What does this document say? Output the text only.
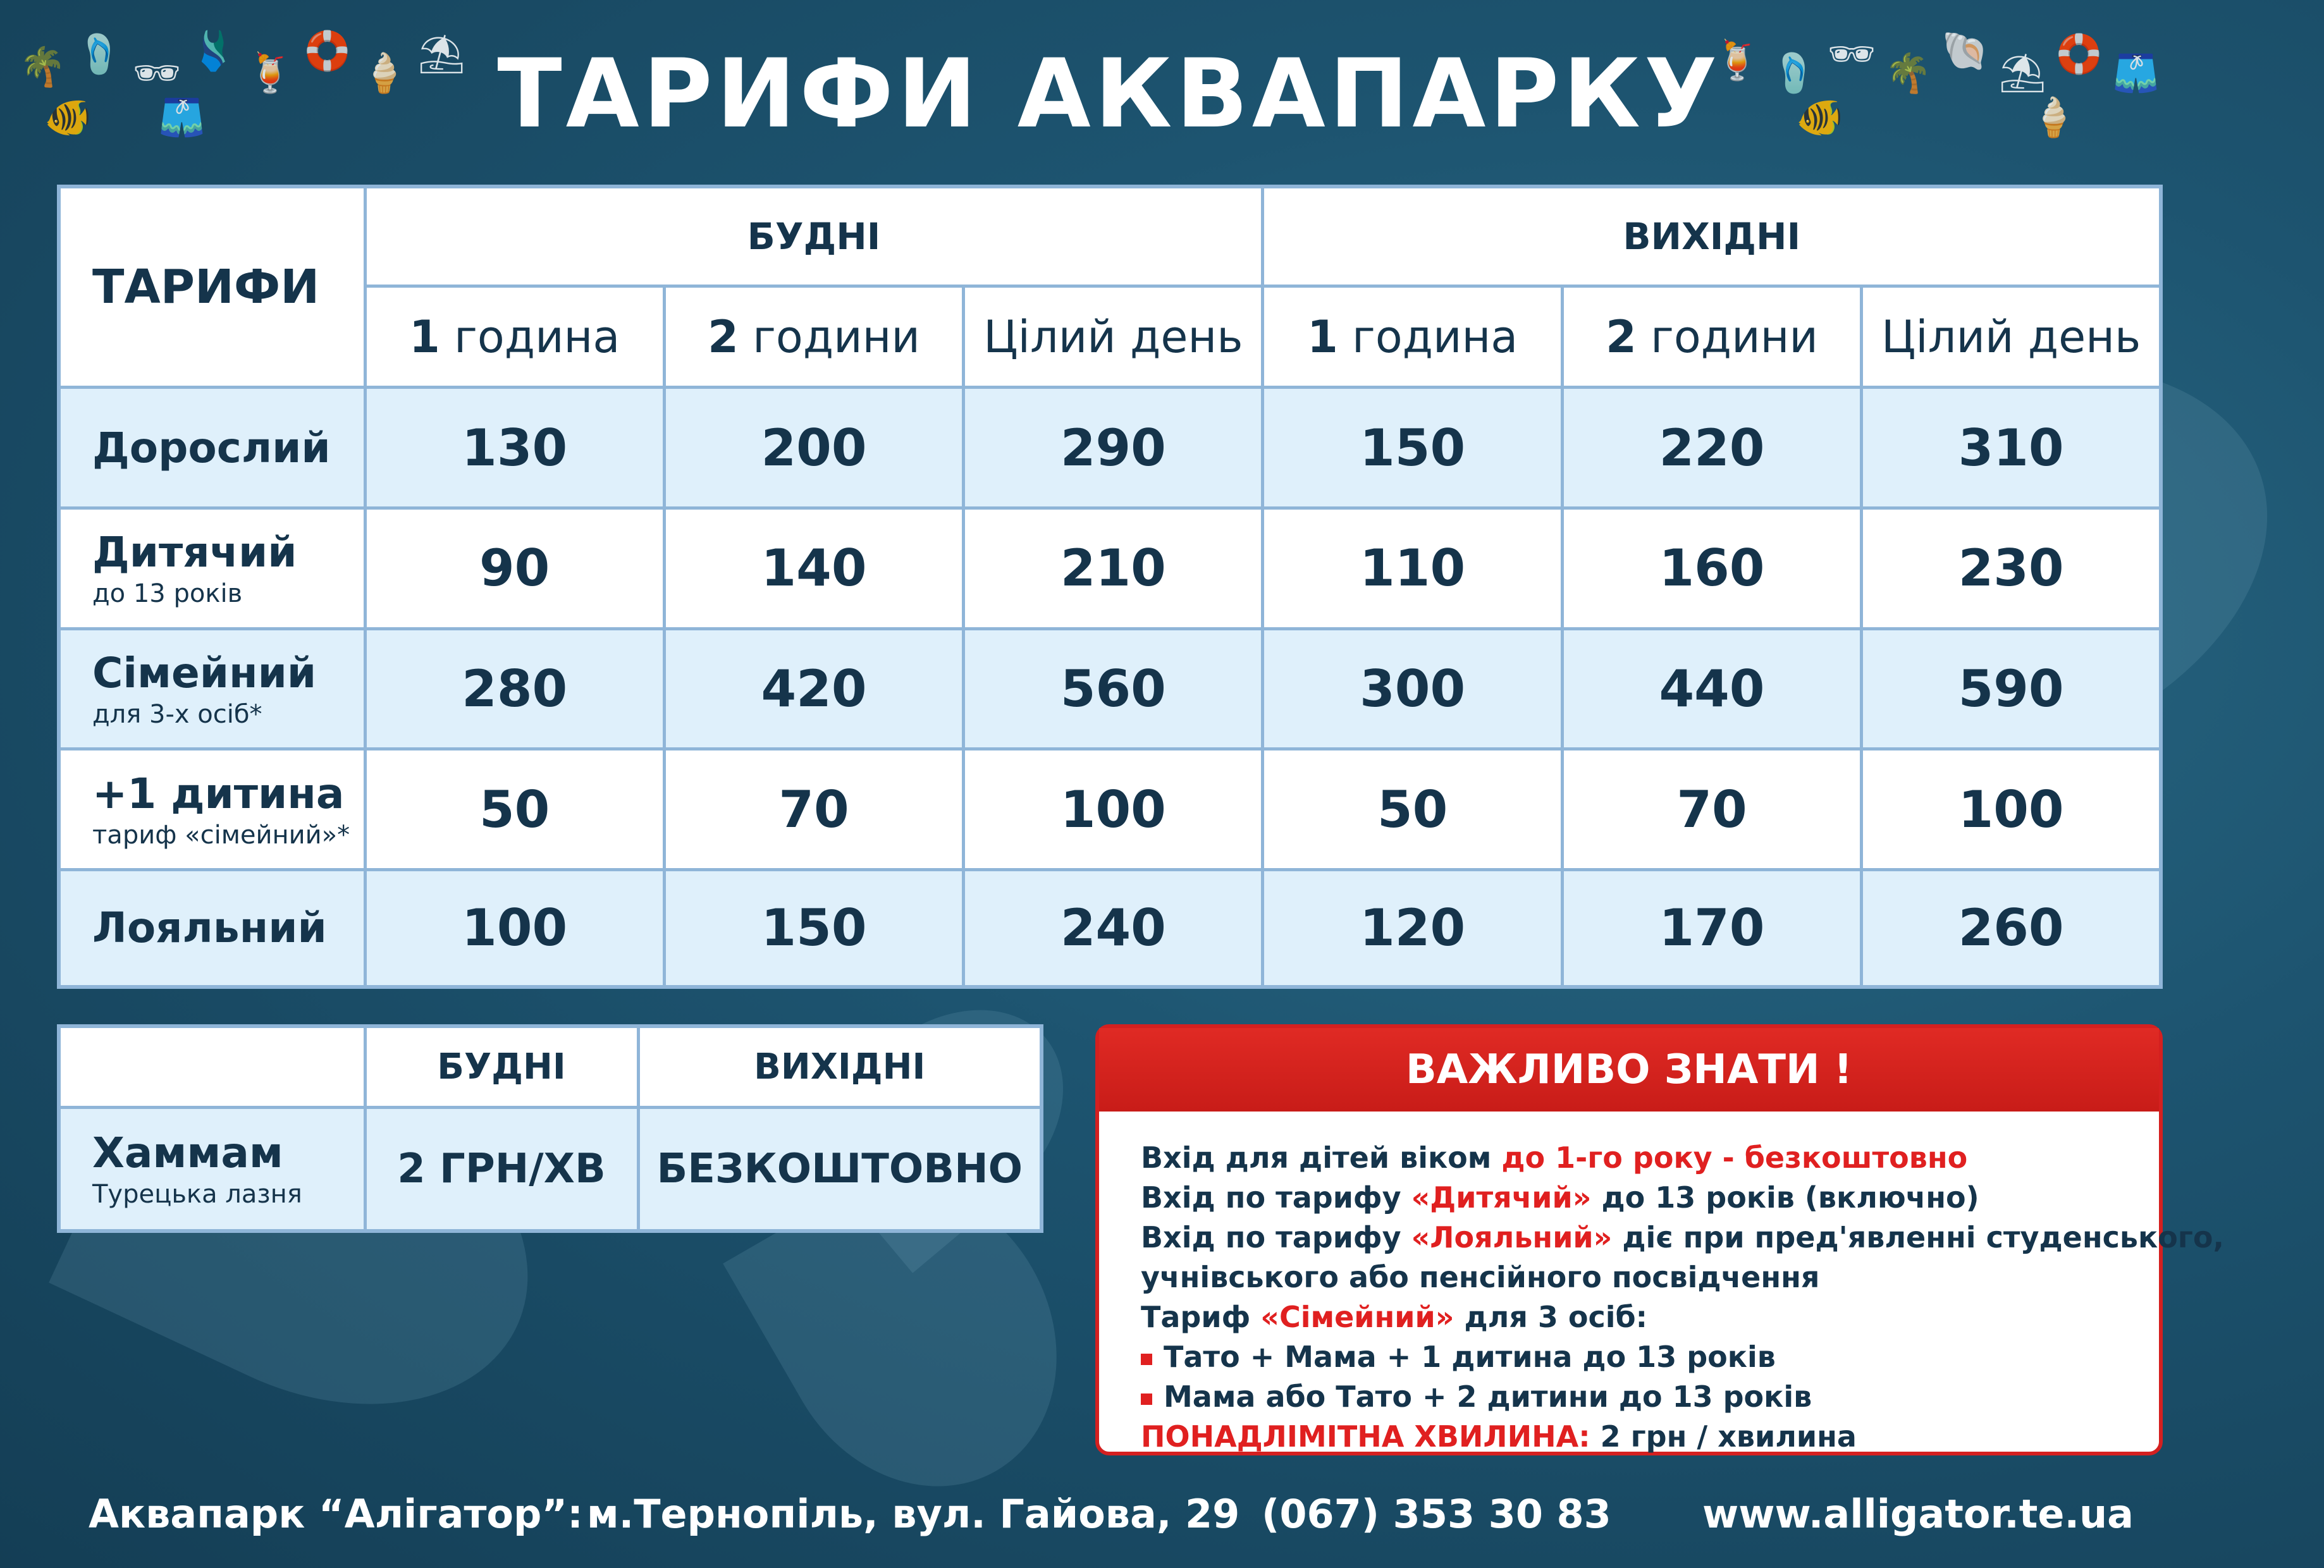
🌴 🩴 🕶 🩱 🍹 🛟 🍦 ⛱
🐠 🩳
🍹 🩴 🕶 🌴 🐚 ⛱ 🛟 🩳
🐠	🍦
ТАРИФИ АКВАПАРКУ
ТАРИФИ	БУДНІ			ВИХІДНІ		
	1 година	2 години	Цілий день	1 година	2 години	Цілий день

Дорослий	130	200	290	150	220	310

Дитячий
до 13 років	90	140	210	110	160	230

Сімейний
для 3-х осіб*	280	420	560	300	440	590

+1 дитина
тариф «сімейний»*	50	70	100	50	70	100

Лояльний	100	150	240	120	170	260
	БУДНІ	ВИХІДНІ

Хаммам
Турецька лазня	2 ГРН/ХВ	БЕЗКОШТОВНО
ВАЖЛИВО ЗНАТИ !
Вхід для дітей віком до 1-го року - безкоштовно
Вхід по тарифу «Дитячий» до 13 років (включно)
Вхід по тарифу «Лояльний» діє при пред'явленні студенського,
учнівського або пенсійного посвідчення
Тариф «Сімейний» для 3 осіб:
Тато + Мама + 1 дитина до 13 років
Мама або Тато + 2 дитини до 13 років
ПОНАДЛІМІТНА ХВИЛИНА: 2 грн / хвилина
Аквапарк “Алігатор”: м.Тернопіль, вул. Гайова, 29 (067) 353 30 83 www.alligator.te.ua
